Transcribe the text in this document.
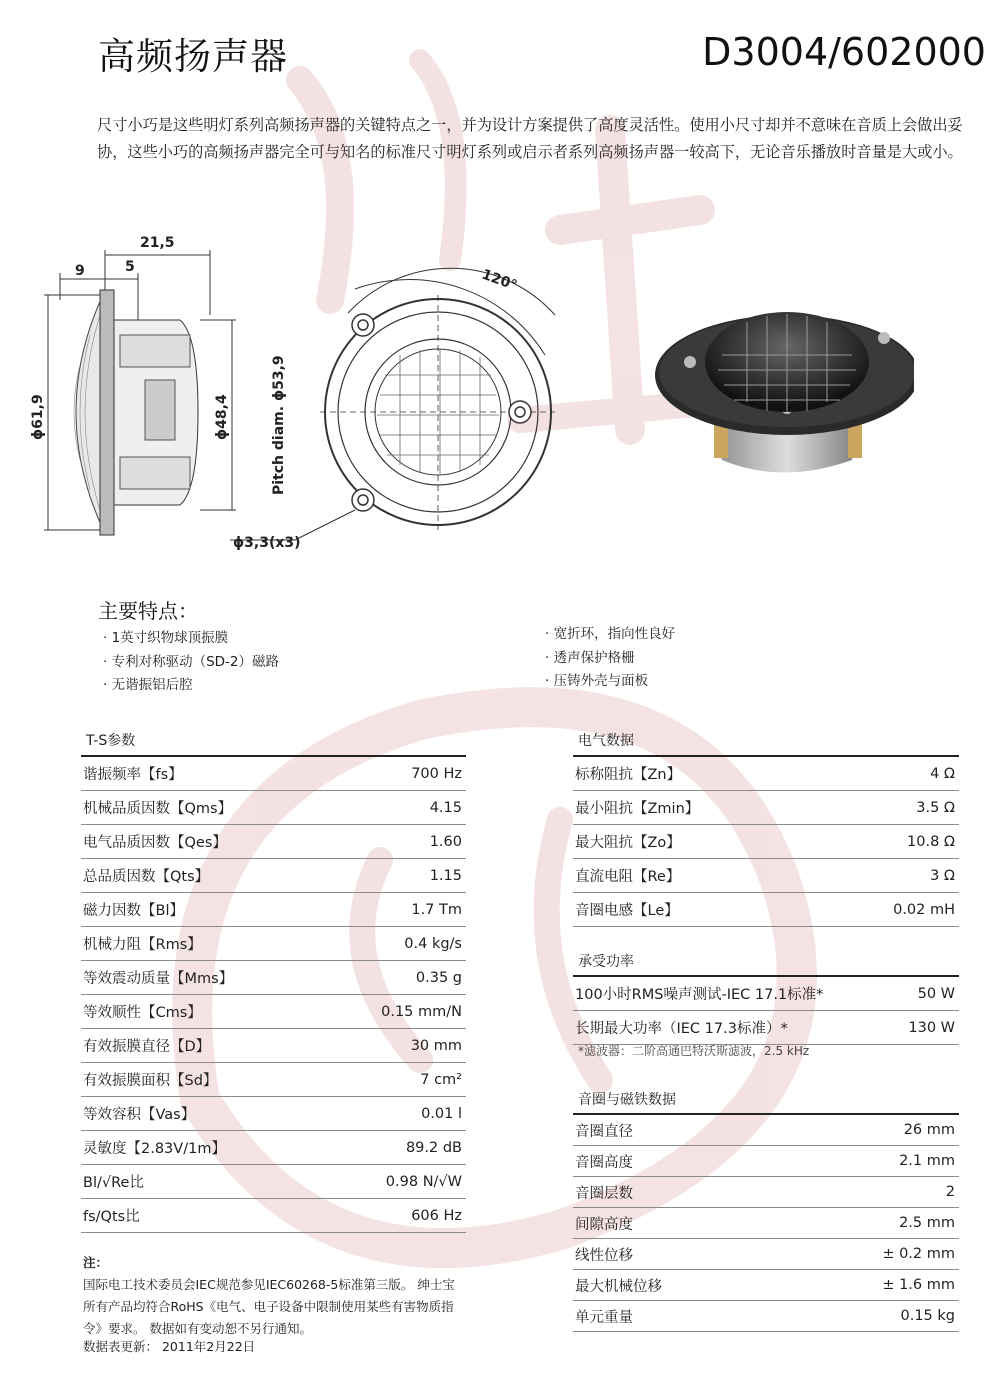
高频扬声器	D3004/602000
尺寸小巧是这些明灯系列高频扬声器的关键特点之一，并为设计方案提供了高度灵活性。使用小尺寸却并不意味在音质上会做出妥协，这些小巧的高频扬声器完全可与知名的标准尺寸明灯系列或启示者系列高频扬声器一较高下，无论音乐播放时音量是大或小。
21,5
9	5
ϕ61,9	ϕ48,4
120°
Pitch diam. ϕ53,9
ϕ3,3(x3)
主要特点：
· 1英寸织物球顶振膜
· 专利对称驱动（SD-2）磁路
· 无谐振铝后腔
· 宽折环，指向性良好
· 透声保护格栅
· 压铸外壳与面板
T-S参数
谐振频率【fs】	700 Hz
机械品质因数【Qms】	4.15
电气品质因数【Qes】	1.60
总品质因数【Qts】	1.15
磁力因数【Bl】	1.7 Tm
机械力阻【Rms】	0.4 kg/s
等效震动质量【Mms】	0.35 g
等效顺性【Cms】	0.15 mm/N
有效振膜直径【D】	30 mm
有效振膜面积【Sd】	7 cm²
等效容积【Vas】	0.01 l
灵敏度【2.83V/1m】	89.2 dB
Bl/√Re比	0.98 N/√W
fs/Qts比	606 Hz
电气数据
标称阻抗【Zn】	4 Ω
最小阻抗【Zmin】	3.5 Ω
最大阻抗【Zo】	10.8 Ω
直流电阻【Re】	3 Ω
音圈电感【Le】	0.02 mH
承受功率
100小时RMS噪声测试-IEC 17.1标准*	50 W
长期最大功率（IEC 17.3标准）*	130 W
*滤波器：二阶高通巴特沃斯滤波，2.5 kHz
音圈与磁铁数据
音圈直径	26 mm
音圈高度	2.1 mm
音圈层数	2
间隙高度	2.5 mm
线性位移	± 0.2 mm
最大机械位移	± 1.6 mm
单元重量	0.15 kg
注：
国际电工技术委员会IEC规范参见IEC60268-5标准第三版。 绅士宝所有产品均符合RoHS《电气、电子设备中限制使用某些有害物质指令》要求。 数据如有变动恕不另行通知。
数据表更新： 2011年2月22日
